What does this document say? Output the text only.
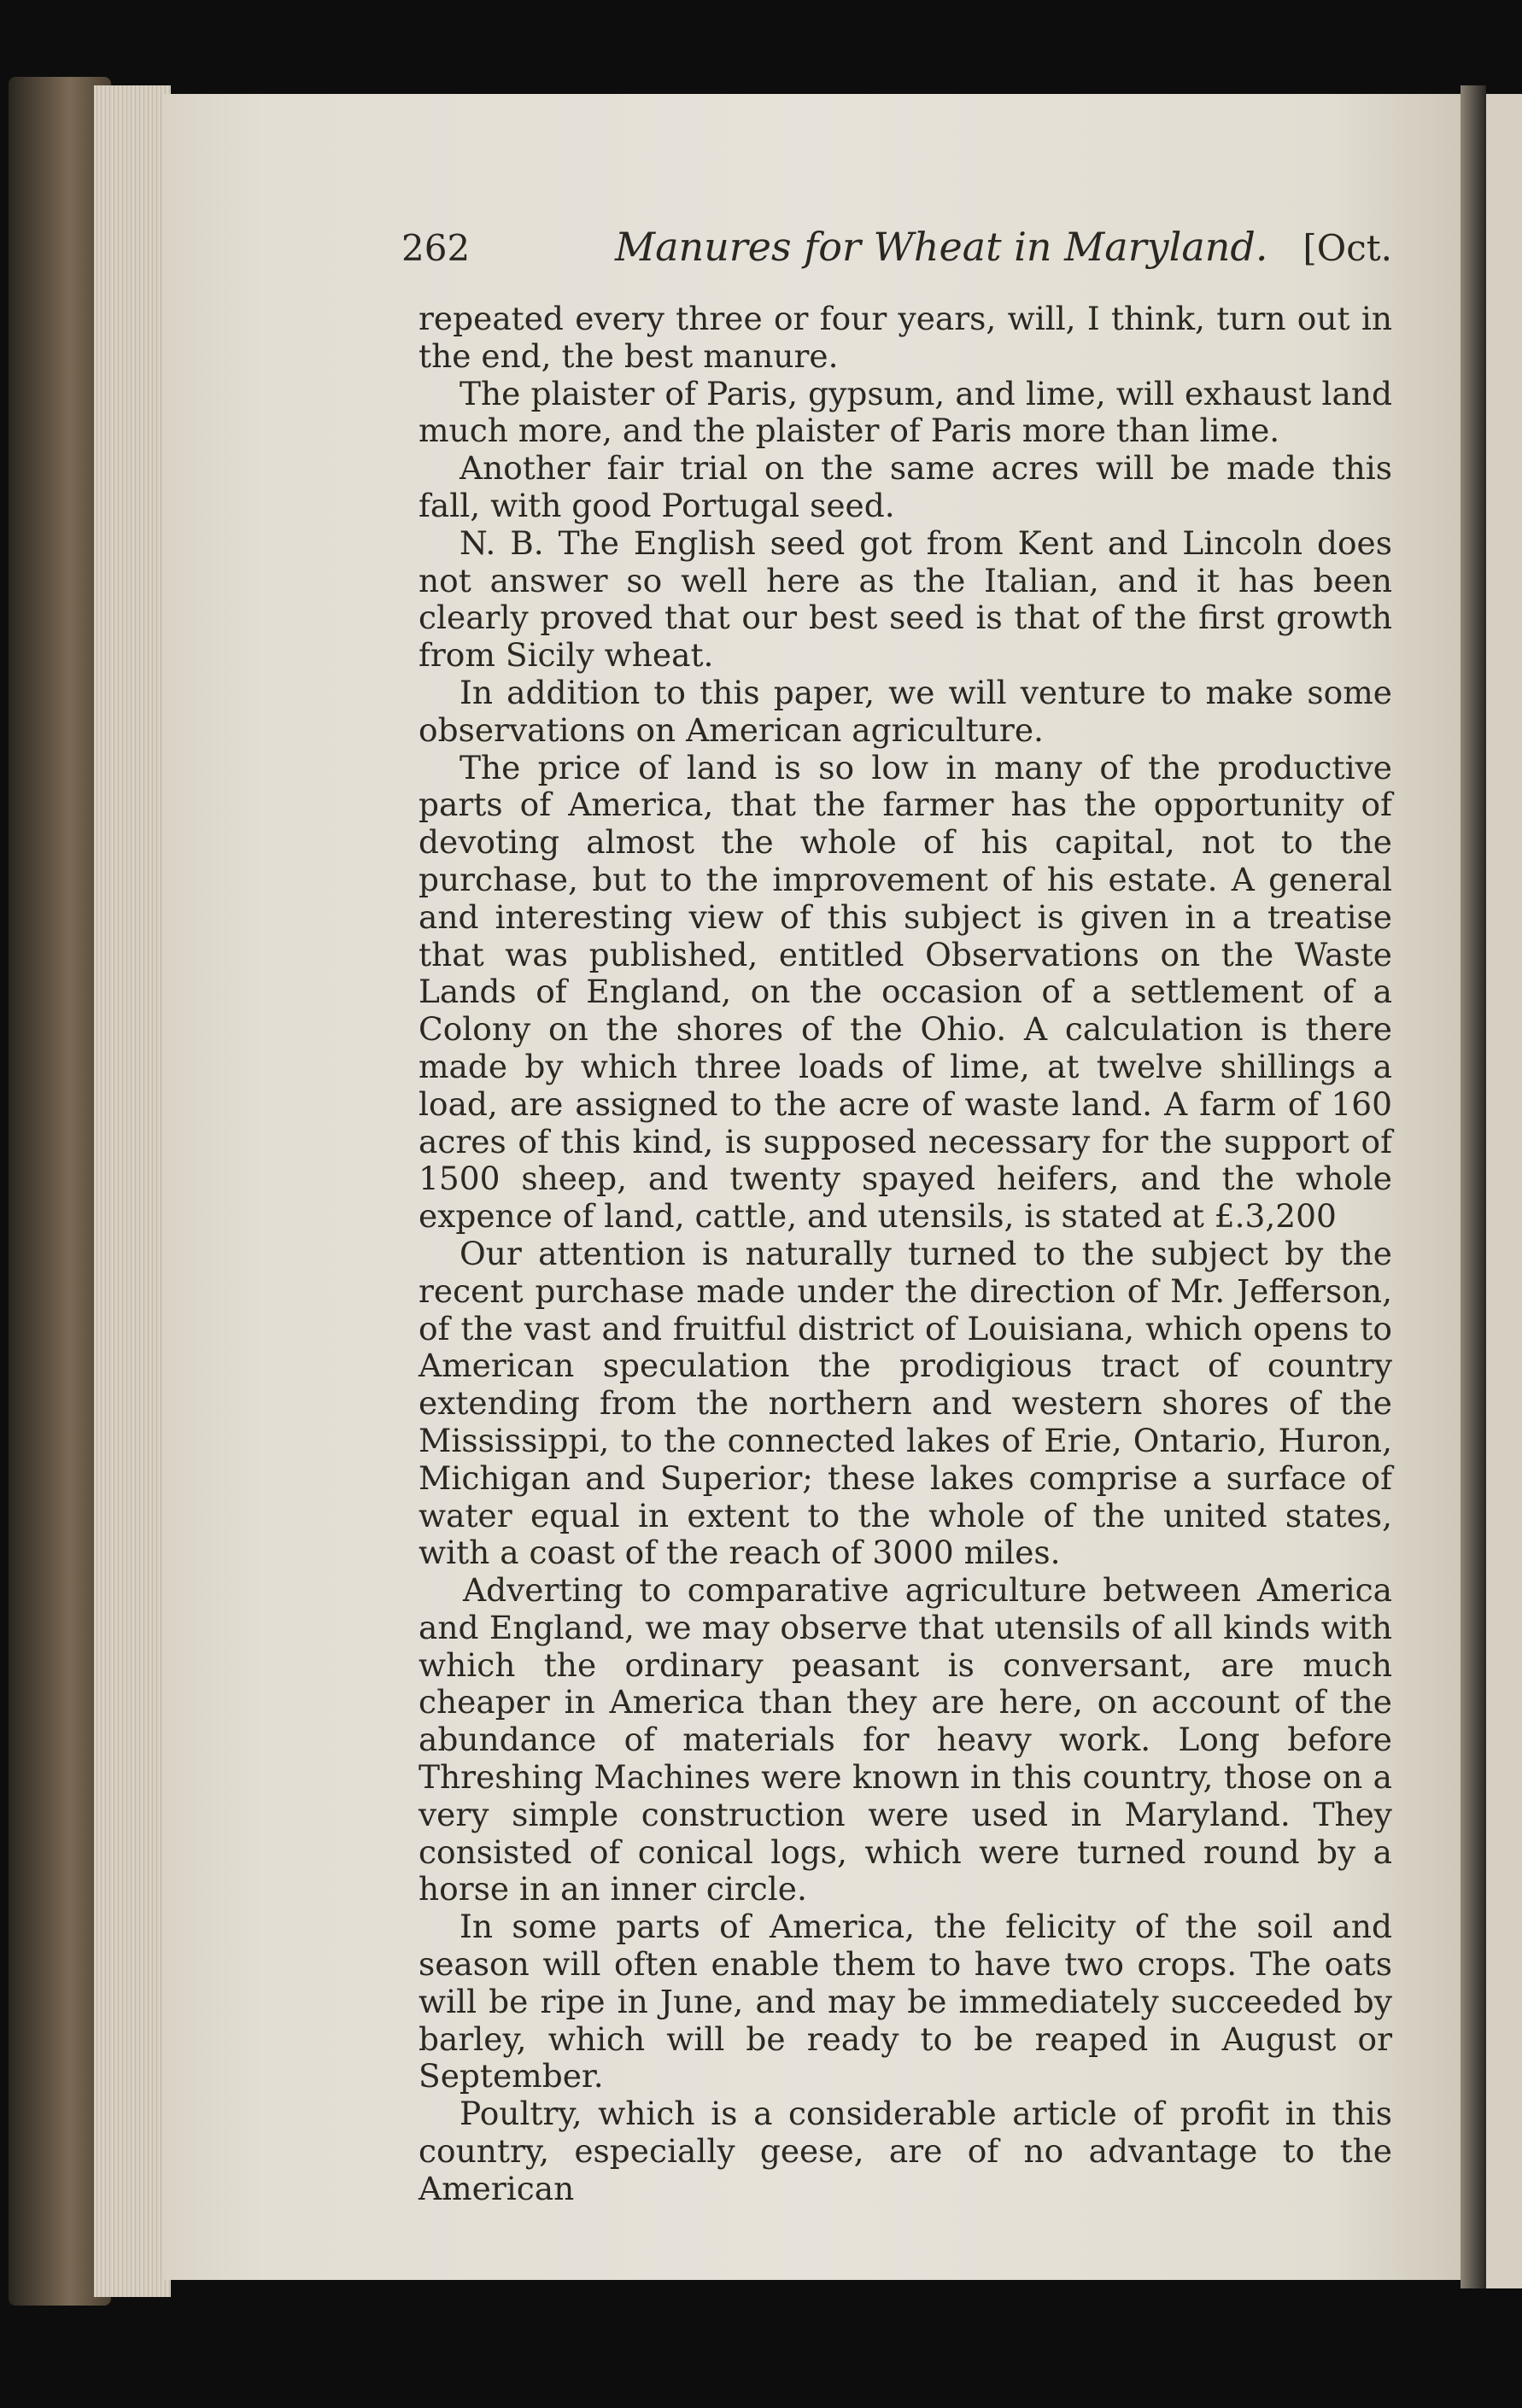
262	Manures for Wheat in Maryland. [Oct.

repeated every three or four years, will, I think, turn out in the end, the best manure.

The plaister of Paris, gypsum, and lime, will exhaust land much more, and the plaister of Paris more than lime.

Another fair trial on the same acres will be made this fall, with good Portugal seed.

N. B. The English seed got from Kent and Lincoln does not answer so well here as the Italian, and it has been clearly proved that our best seed is that of the first growth from Sicily wheat.

In addition to this paper, we will venture to make some observations on American agriculture.

The price of land is so low in many of the productive parts of America, that the farmer has the opportunity of devoting almost the whole of his capital, not to the purchase, but to the improvement of his estate. A general and interesting view of this subject is given in a treatise that was published, entitled Observations on the Waste Lands of England, on the occasion of a settlement of a Colony on the shores of the Ohio. A calculation is there made by which three loads of lime, at twelve shillings a load, are assigned to the acre of waste land. A farm of 160 acres of this kind, is supposed necessary for the support of 1500 sheep, and twenty spayed heifers, and the whole expence of land, cattle, and utensils, is stated at £.3,200

Our attention is naturally turned to the subject by the recent purchase made under the direction of Mr. Jefferson, of the vast and fruitful district of Louisiana, which opens to American speculation the prodigious tract of country extending from the northern and western shores of the Mississippi, to the connected lakes of Erie, Ontario, Huron, Michigan and Superior; these lakes comprise a surface of water equal in extent to the whole of the united states, with a coast of the reach of 3000 miles.

Adverting to comparative agriculture between America and England, we may observe that utensils of all kinds with which the ordinary peasant is conversant, are much cheaper in America than they are here, on account of the abundance of materials for heavy work. Long before Threshing Machines were known in this country, those on a very simple construction were used in Maryland. They consisted of conical logs, which were turned round by a horse in an inner circle.

In some parts of America, the felicity of the soil and season will often enable them to have two crops. The oats will be ripe in June, and may be immediately succeeded by barley, which will be ready to be reaped in August or September.

Poultry, which is a considerable article of profit in this country, especially geese, are of no advantage to the American
